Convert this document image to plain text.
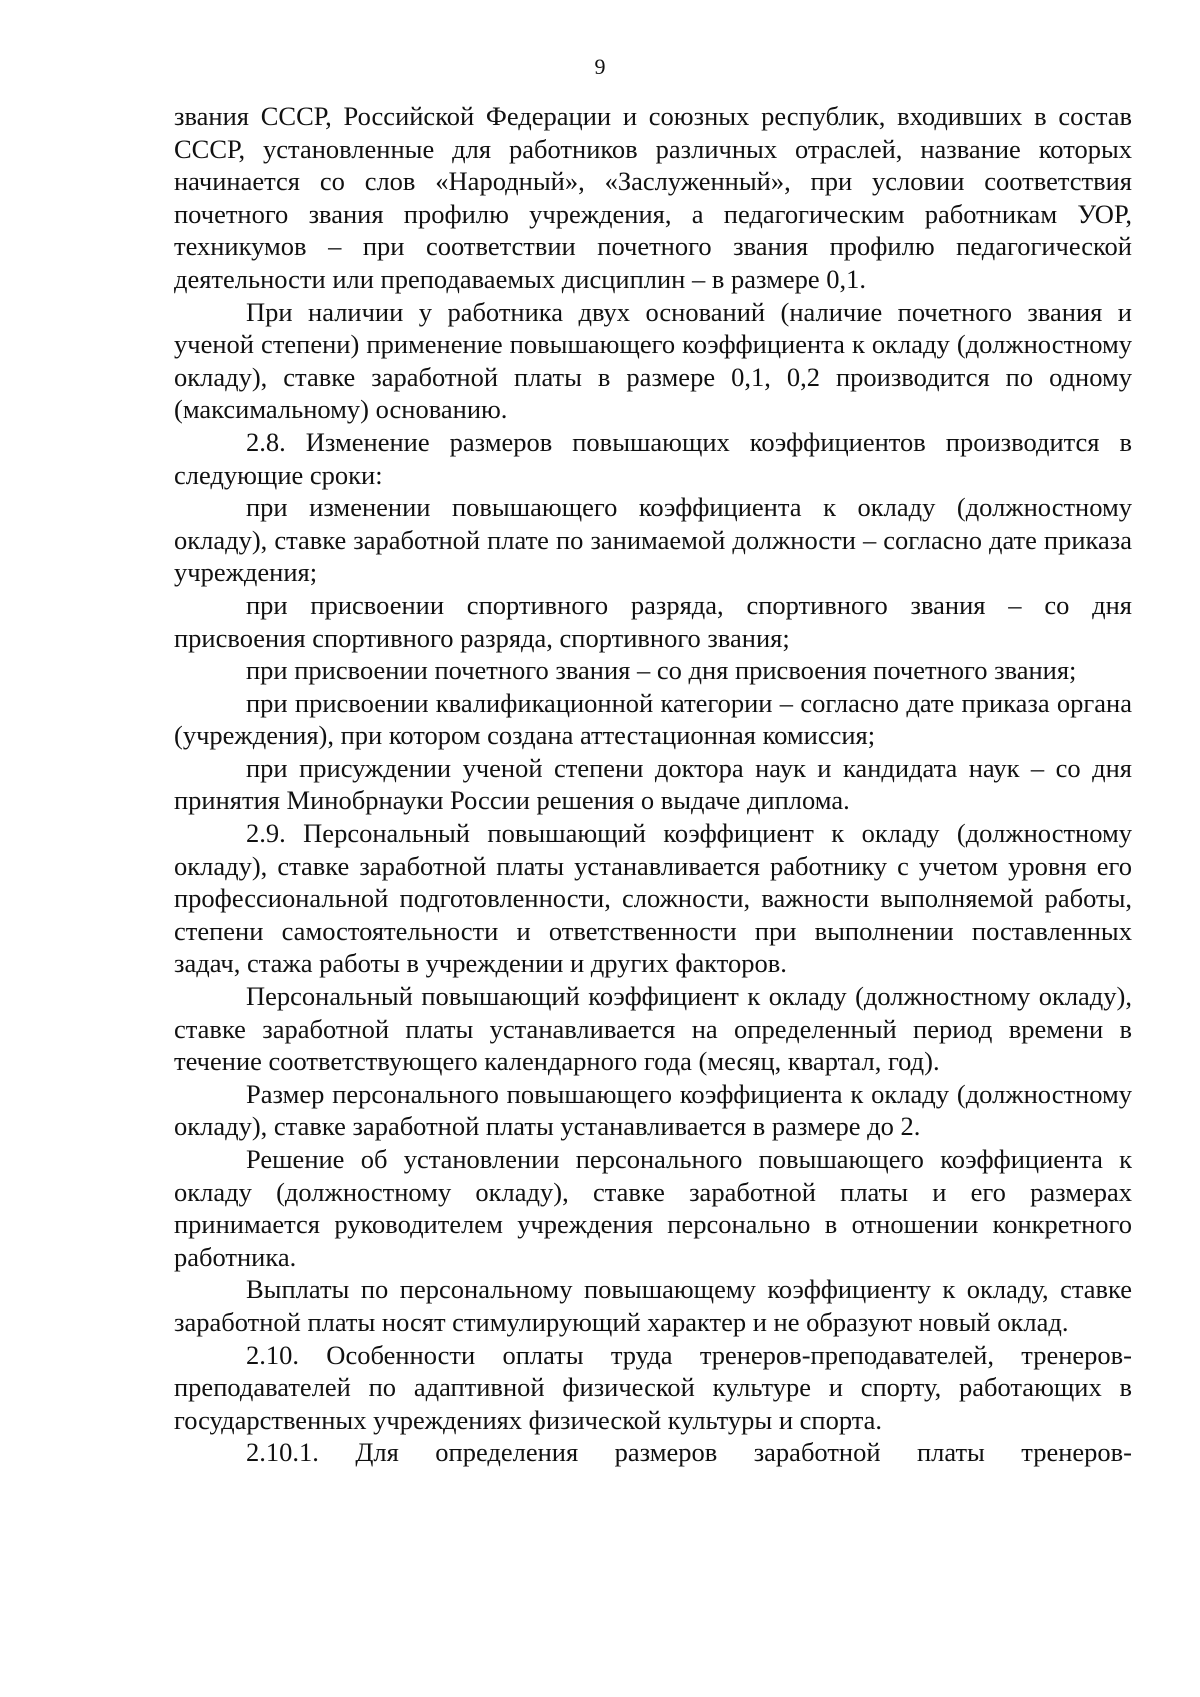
9

звания СССР, Российской Федерации и союзных республик, входивших в состав СССР, установленные для работников различных отраслей, название которых начинается со слов «Народный», «Заслуженный», при условии соответствия почетного звания профилю учреждения, а педагогическим работникам УОР, техникумов – при соответствии почетного звания профилю педагогической деятельности или преподаваемых дисциплин – в размере 0,1.

При наличии у работника двух оснований (наличие почетного звания и ученой степени) применение повышающего коэффициента к окладу (должностному окладу), ставке заработной платы в размере 0,1, 0,2 производится по одному (максимальному) основанию.

2.8. Изменение размеров повышающих коэффициентов производится в следующие сроки:

при изменении повышающего коэффициента к окладу (должностному окладу), ставке заработной плате по занимаемой должности – согласно дате приказа учреждения;

при присвоении спортивного разряда, спортивного звания – со дня присвоения спортивного разряда, спортивного звания;

при присвоении почетного звания – со дня присвоения почетного звания;

при присвоении квалификационной категории – согласно дате приказа органа (учреждения), при котором создана аттестационная комиссия;

при присуждении ученой степени доктора наук и кандидата наук – со дня принятия Минобрнауки России решения о выдаче диплома.

2.9. Персональный повышающий коэффициент к окладу (должностному окладу), ставке заработной платы устанавливается работнику с учетом уровня его профессиональной подготовленности, сложности, важности выполняемой работы, степени самостоятельности и ответственности при выполнении поставленных задач, стажа работы в учреждении и других факторов.

Персональный повышающий коэффициент к окладу (должностному окладу), ставке заработной платы устанавливается на определенный период времени в течение соответствующего календарного года (месяц, квартал, год).

Размер персонального повышающего коэффициента к окладу (должностному окладу), ставке заработной платы устанавливается в размере до 2.

Решение об установлении персонального повышающего коэффициента к окладу (должностному окладу), ставке заработной платы и его размерах принимается руководителем учреждения персонально в отношении конкретного работника.

Выплаты по персональному повышающему коэффициенту к окладу, ставке заработной платы носят стимулирующий характер и не образуют новый оклад.

2.10. Особенности оплаты труда тренеров-преподавателей, тренеров-преподавателей по адаптивной физической культуре и спорту, работающих в государственных учреждениях физической культуры и спорта.

2.10.1. Для определения размеров заработной платы тренеров-
